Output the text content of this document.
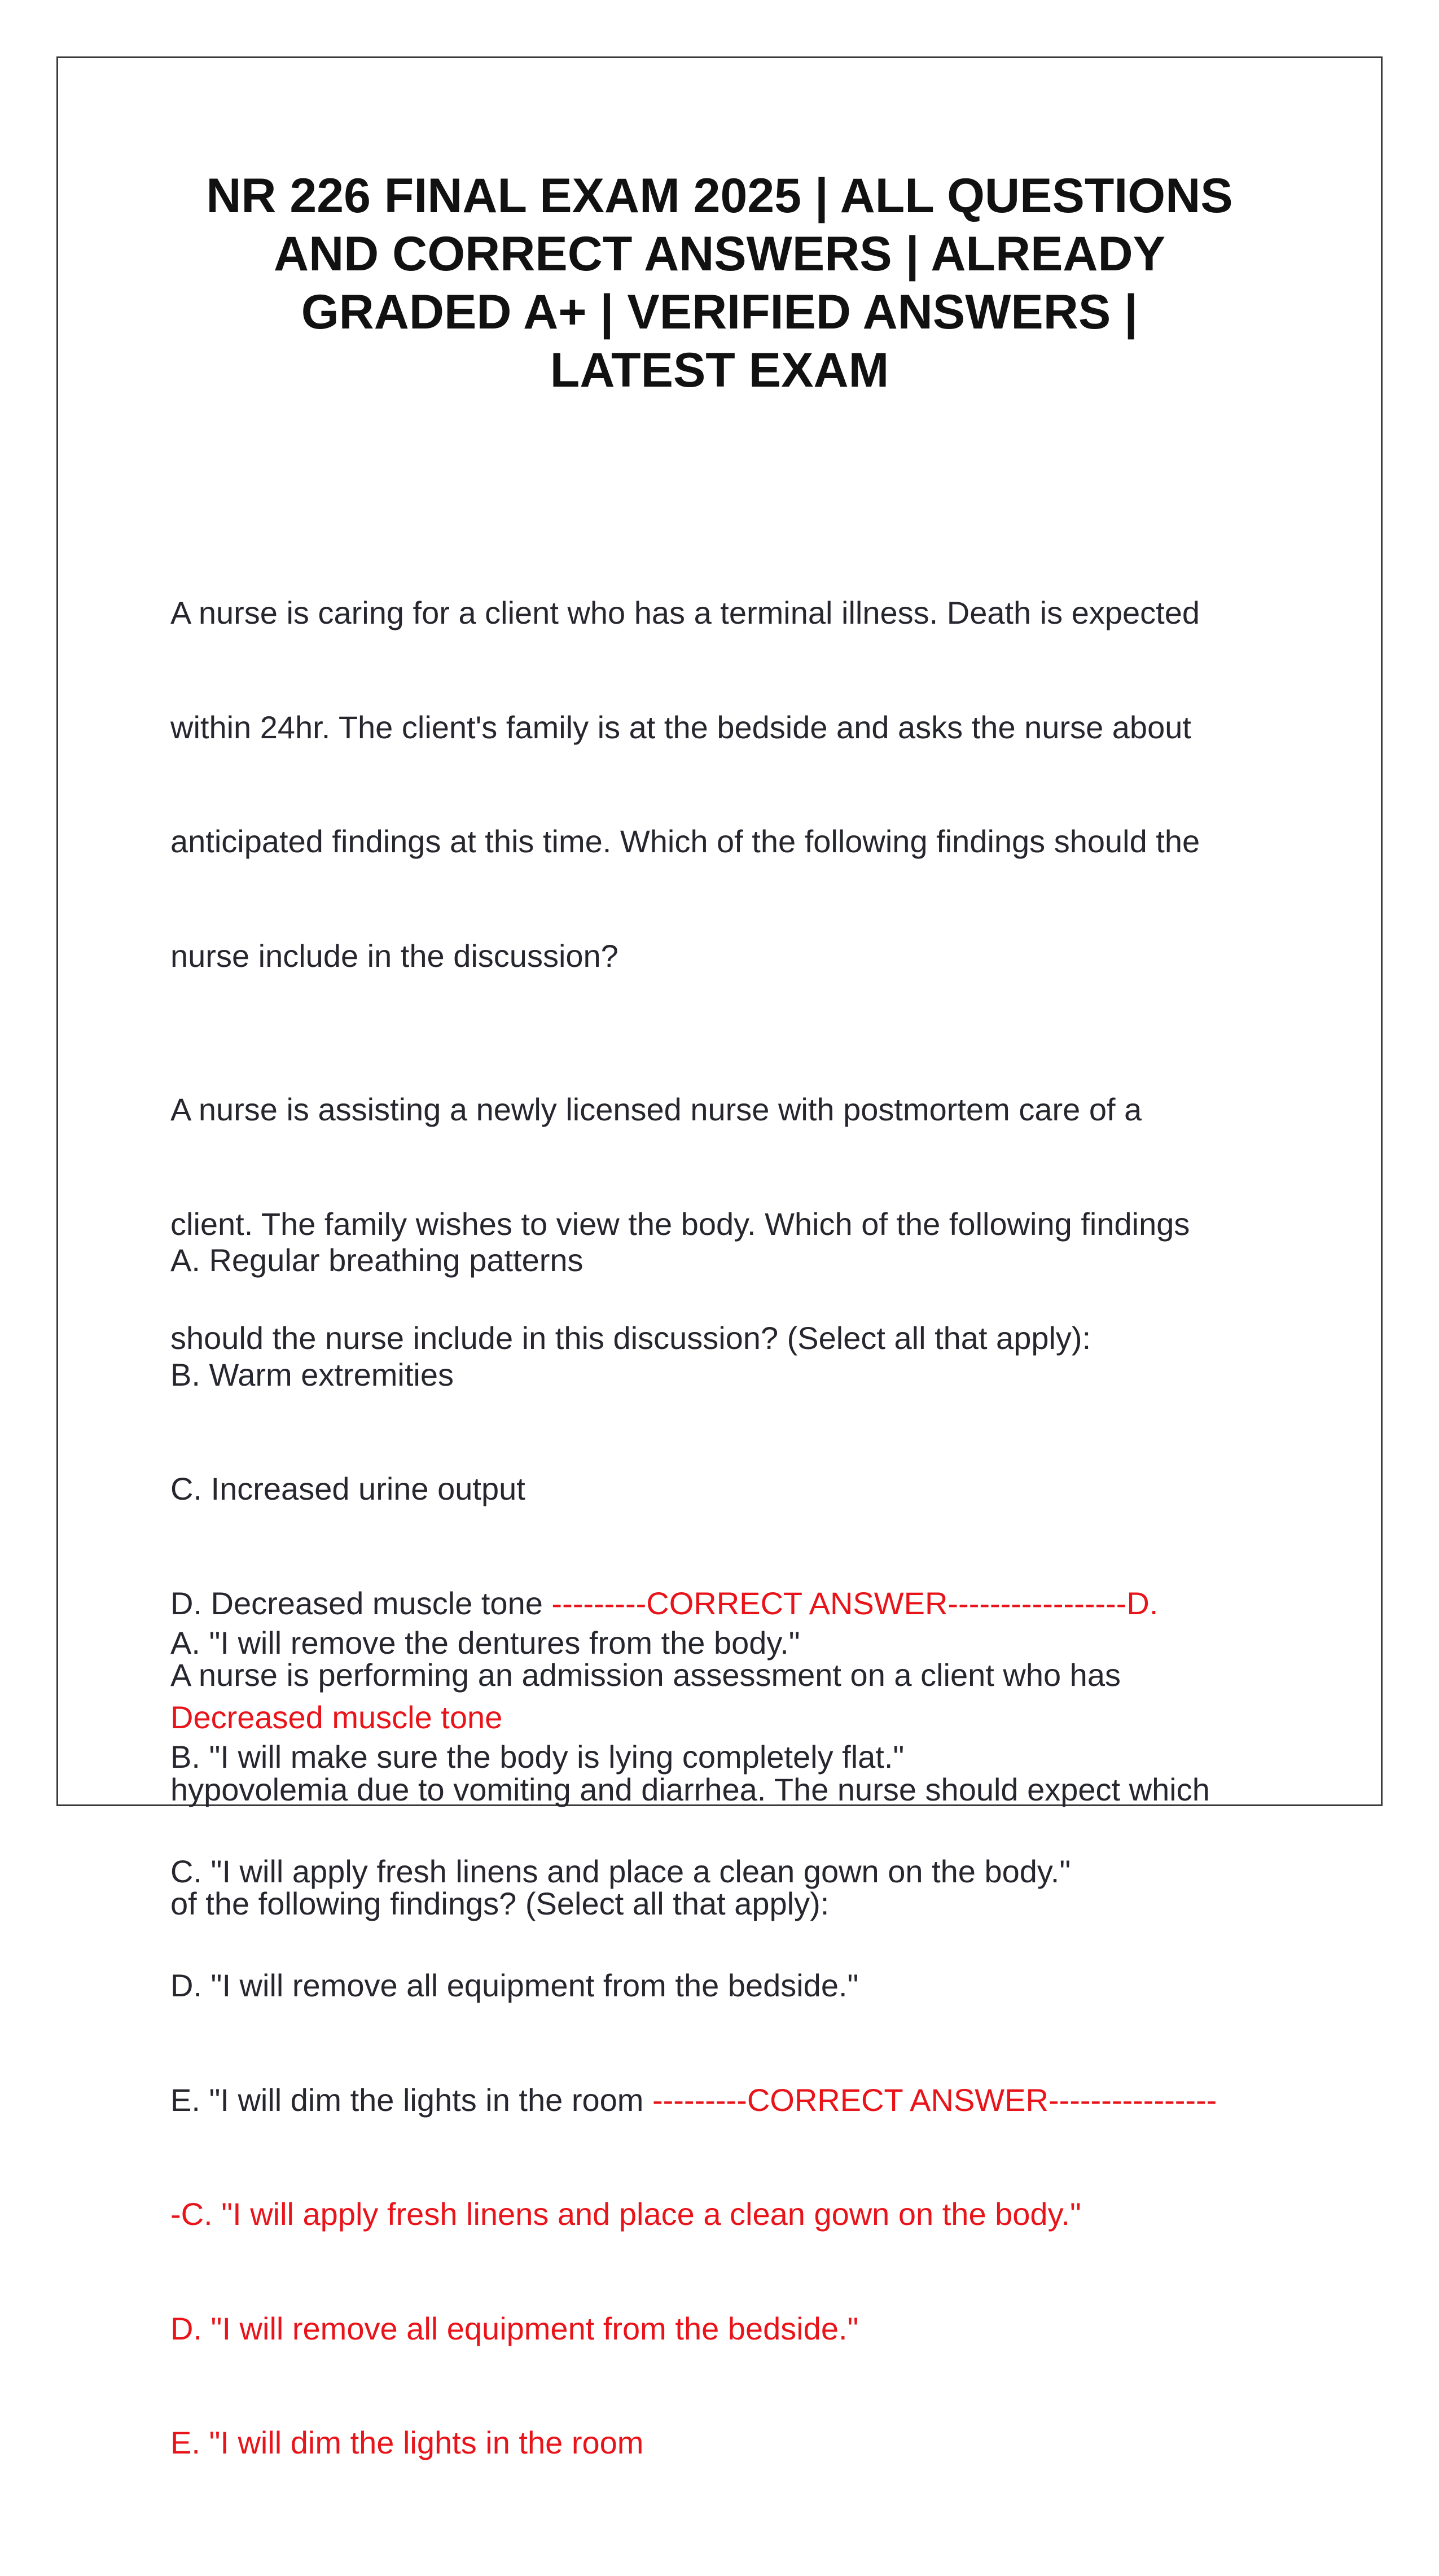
NR 226 FINAL EXAM 2025 | ALL QUESTIONS
AND CORRECT ANSWERS | ALREADY
GRADED A+ | VERIFIED ANSWERS |
LATEST EXAM

A nurse is caring for a client who has a terminal illness. Death is expected

within 24hr. The client's family is at the bedside and asks the nurse about

anticipated findings at this time. Which of the following findings should the

nurse include in the discussion?

A. Regular breathing patterns

B. Warm extremities

C. Increased urine output

D. Decreased muscle tone ---------CORRECT ANSWER-----------------D.

Decreased muscle tone

A nurse is assisting a newly licensed nurse with postmortem care of a

client. The family wishes to view the body. Which of the following findings

should the nurse include in this discussion? (Select all that apply):

A. "I will remove the dentures from the body."

B. "I will make sure the body is lying completely flat."

C. "I will apply fresh linens and place a clean gown on the body."

D. "I will remove all equipment from the bedside."

E. "I will dim the lights in the room ---------CORRECT ANSWER----------------

-C. "I will apply fresh linens and place a clean gown on the body."

D. "I will remove all equipment from the bedside."

E. "I will dim the lights in the room

A nurse is performing an admission assessment on a client who has

hypovolemia due to vomiting and diarrhea. The nurse should expect which

of the following findings? (Select all that apply):
